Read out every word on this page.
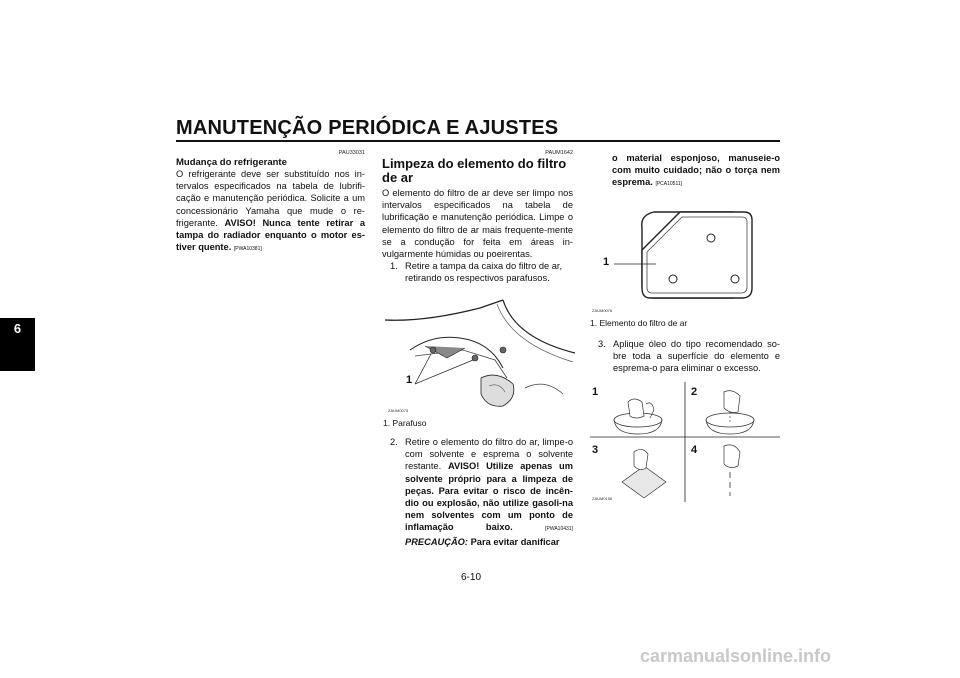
MANUTENÇÃO PERIÓDICA E AJUSTES
6
PAU33031
Mudança do refrigerante

O refrigerante deve ser substituído nos in-tervalos especificados na tabela de lubrifi-cação e manutenção periódica. Solicite a um concessionário Yamaha que mude o re-frigerante. AVISO! Nunca tente retirar a tampa do radiador enquanto o motor es-tiver quente. [PWA10381]

PAUM1642
Limpeza do elemento do filtro de ar

O elemento do filtro de ar deve ser limpo nos intervalos especificados na tabela de lubrificação e manutenção periódica. Limpe o elemento do filtro de ar mais frequente-mente se a condução for feita em áreas in-vulgarmente húmidas ou poeirentas.

1. Retire a tampa da caixa do filtro de ar, retirando os respectivos parafusos.
1
ZAUM0075
1. Parafuso
2. Retire o elemento do filtro do ar, limpe-o com solvente e esprema o solvente restante. AVISO! Utilize apenas um solvente próprio para a limpeza de peças. Para evitar o risco de incên-dio ou explosão, não utilize gasoli-na nem solventes com um ponto de inflamação baixo.	[PWA10431] PRECAUÇÃO: Para evitar danificar
o material esponjoso, manuseie-o com muito cuidado; não o torça nem esprema. [PCA10511]
1
ZAUM0076
1. Elemento do filtro de ar
3. Aplique óleo do tipo recomendado so-bre toda a superfície do elemento e esprema-o para eliminar o excesso.
1	2
3	4
ZAUM0156
6-10
carmanualsonline.info
